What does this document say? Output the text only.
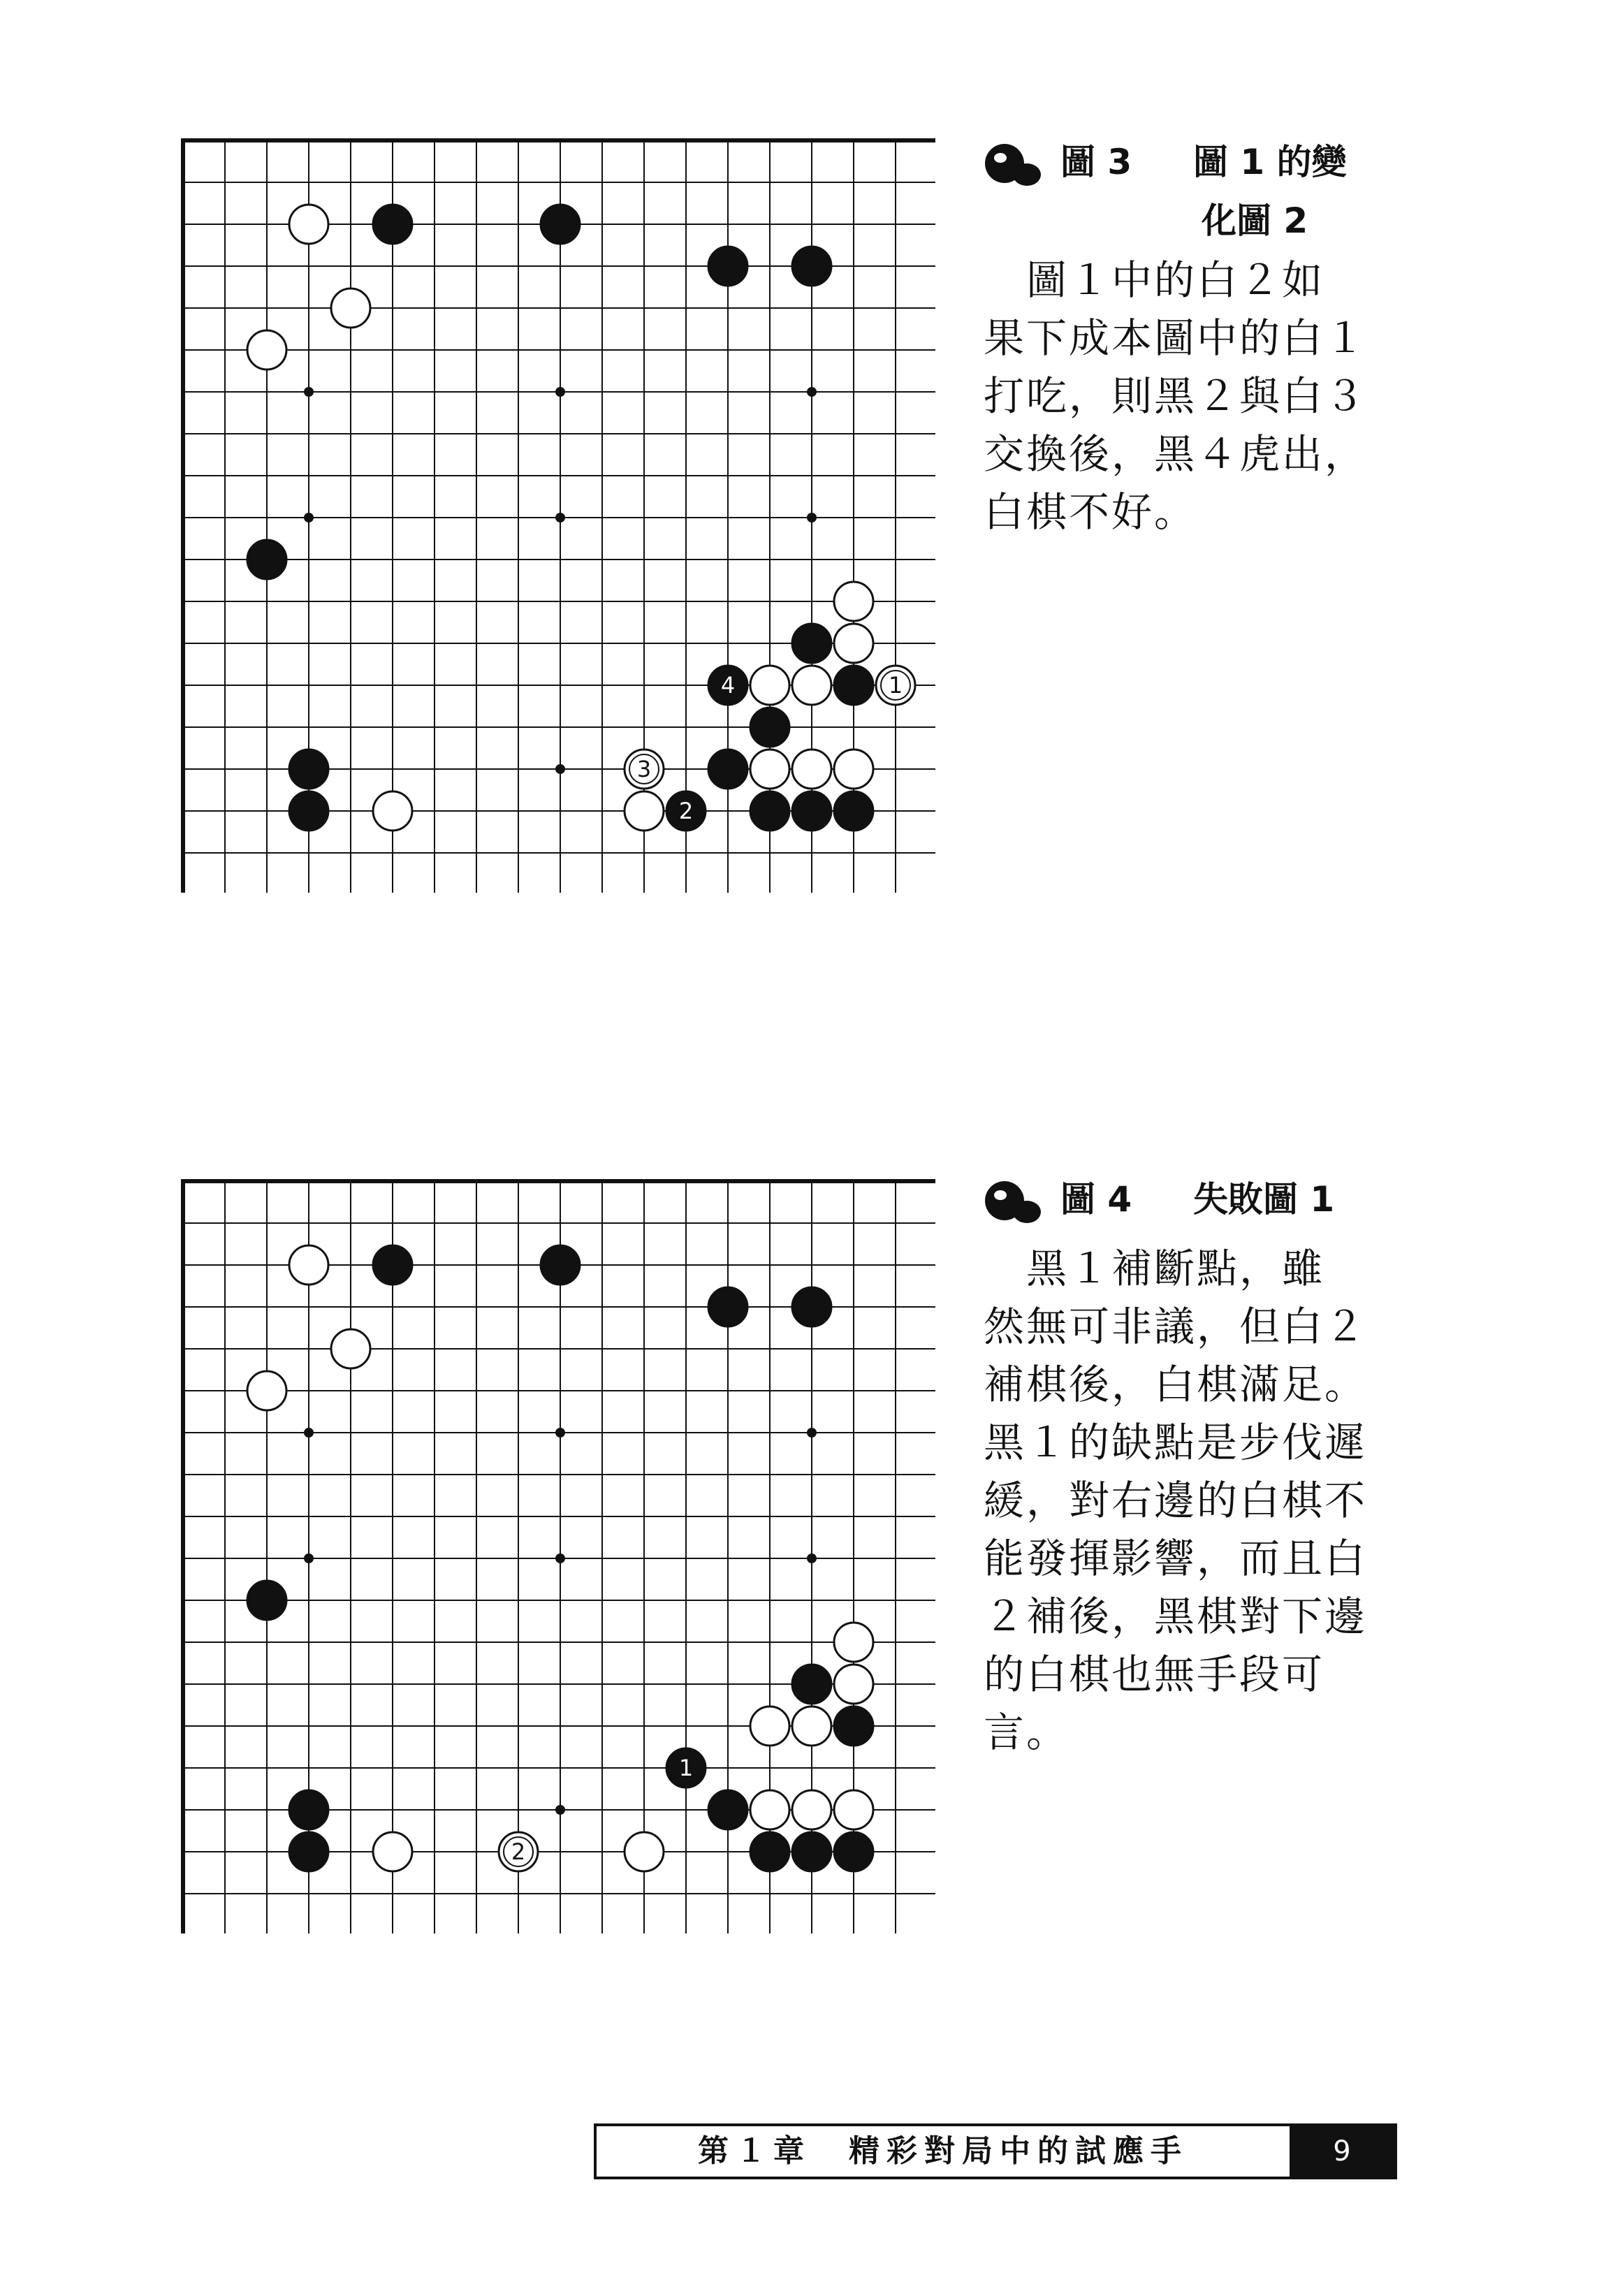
4	1
3
2
圖 3 圖 1 的變
化圖 2

　圖１中的白２如

果下成本圖中的白１

打吃，則黑２與白３

交換後，黑４虎出，

白棋不好。

1
2
圖 4 失敗圖 1

　黑１補斷點，雖

然無可非議，但白２

補棋後，白棋滿足。

黑１的缺點是步伐遲

緩，對右邊的白棋不

能發揮影響，而且白

２補後，黑棋對下邊

的白棋也無手段可

言。

第１章　精彩對局中的試應手	9
